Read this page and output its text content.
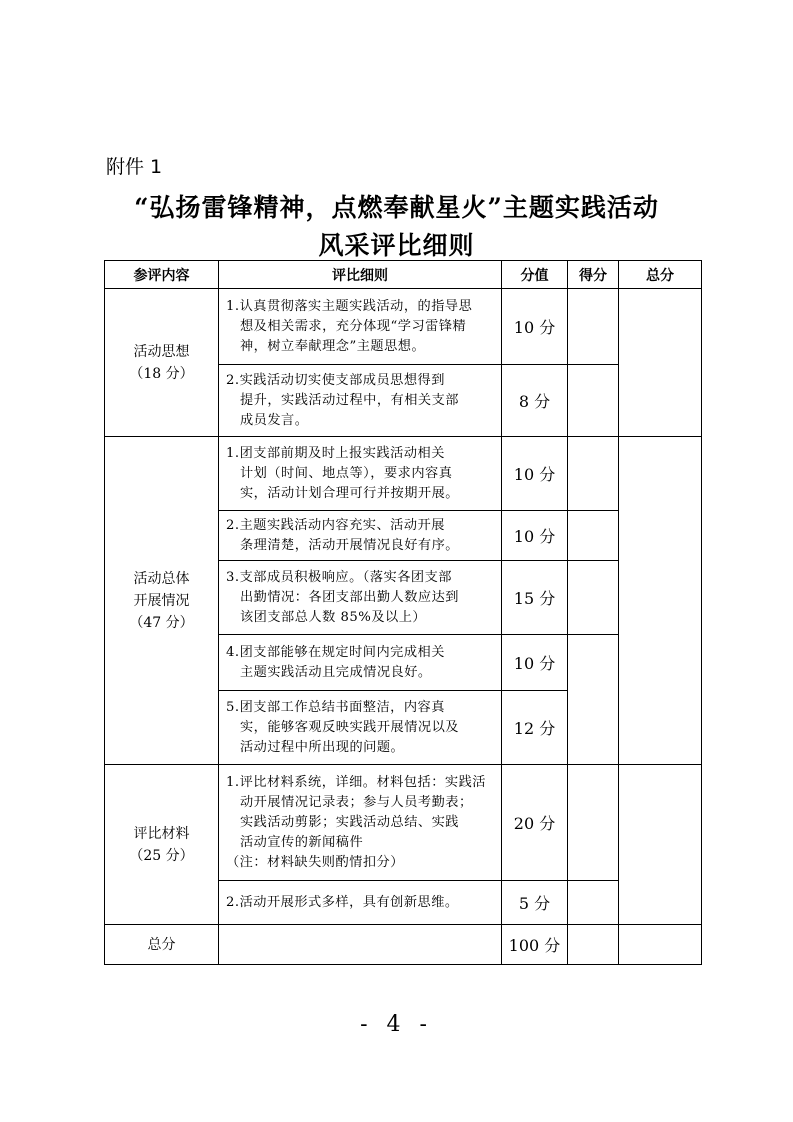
附件 1
“弘扬雷锋精神，点燃奉献星火”主题实践活动
风采评比细则
参评内容	评比细则	分值	得分	总分
活动思想
（18 分）	1.认真贯彻落实主题实践活动，的指导思
想及相关需求，充分体现“学习雷锋精
神，树立奉献理念”主题思想。	10 分		

	2.实践活动切实使支部成员思想得到
提升，实践活动过程中，有相关支部
成员发言。	8 分		
活动总体
开展情况
（47 分）	1.团支部前期及时上报实践活动相关
计划（时间、地点等），要求内容真
实，活动计划合理可行并按期开展。	10 分		

	2.主题实践活动内容充实、活动开展
条理清楚，活动开展情况良好有序。	10 分		

	3.支部成员积极响应。（落实各团支部
出勤情况：各团支部出勤人数应达到
该团支部总人数 85%及以上）	15 分		

	4.团支部能够在规定时间内完成相关
主题实践活动且完成情况良好。	10 分		

	5.团支部工作总结书面整洁，内容真
实，能够客观反映实践开展情况以及
活动过程中所出现的问题。	12 分		
评比材料
（25 分）	1.评比材料系统，详细。材料包括：实践活
动开展情况记录表；参与人员考勤表；
实践活动剪影；实践活动总结、实践
活动宣传的新闻稿件
（注：材料缺失则酌情扣分）	20 分		

	2.活动开展形式多样，具有创新思维。	5 分		
总分		100 分		
- 4 -
